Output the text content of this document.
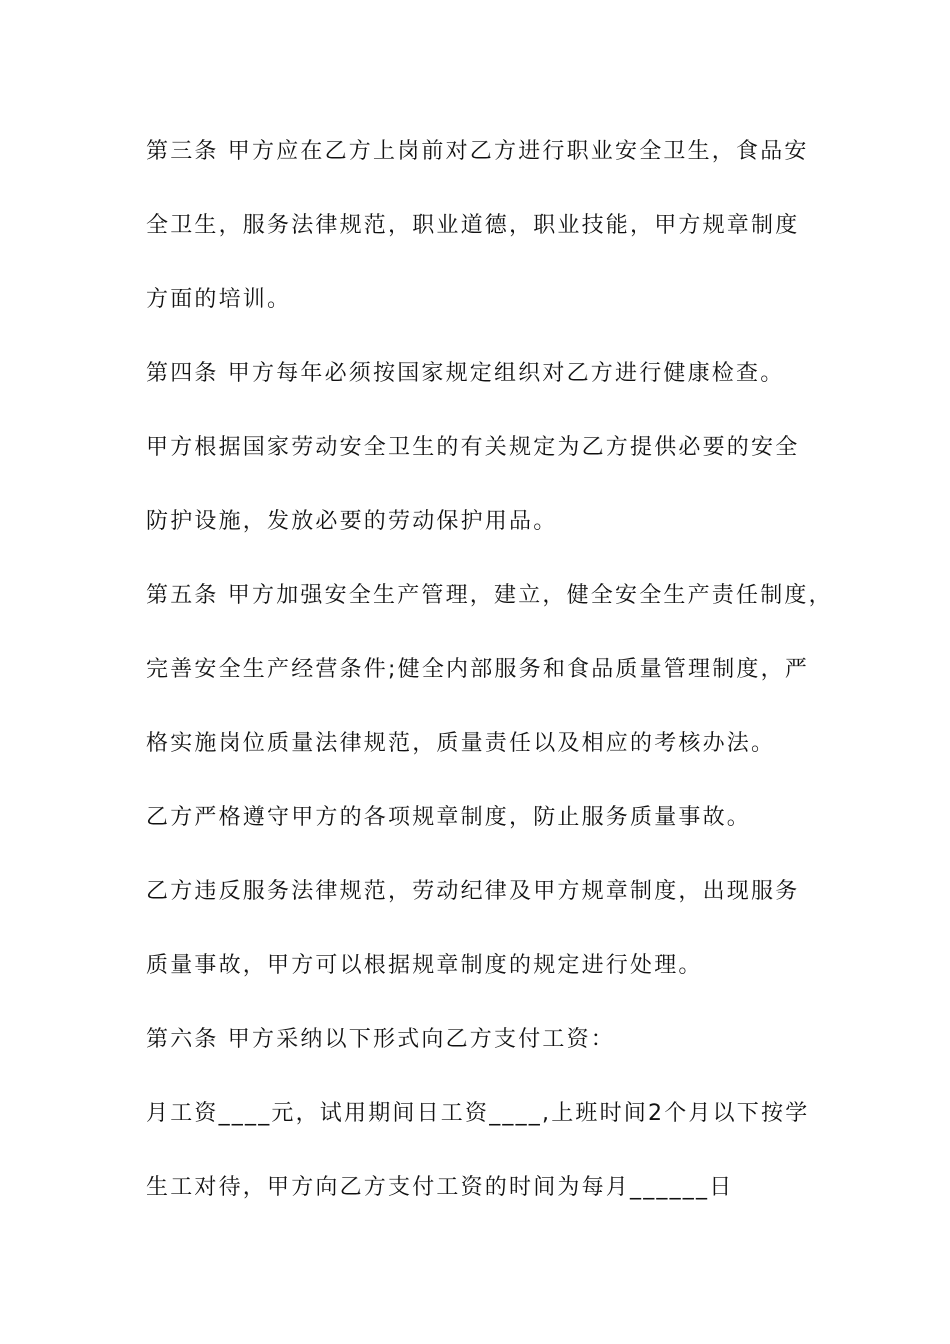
第三条 甲方应在乙方上岗前对乙方进行职业安全卫生，食品安
全卫生，服务法律规范，职业道德，职业技能，甲方规章制度
方面的培训。
第四条 甲方每年必须按国家规定组织对乙方进行健康检查。
甲方根据国家劳动安全卫生的有关规定为乙方提供必要的安全
防护设施，发放必要的劳动保护用品。
第五条 甲方加强安全生产管理，建立，健全安全生产责任制度，
完善安全生产经营条件;健全内部服务和食品质量管理制度，严
格实施岗位质量法律规范，质量责任以及相应的考核办法。
乙方严格遵守甲方的各项规章制度，防止服务质量事故。
乙方违反服务法律规范，劳动纪律及甲方规章制度，出现服务
质量事故，甲方可以根据规章制度的规定进行处理。
第六条 甲方采纳以下形式向乙方支付工资：
月工资____元，试用期间日工资____,上班时间2个月以下按学
生工对待，甲方向乙方支付工资的时间为每月______日
